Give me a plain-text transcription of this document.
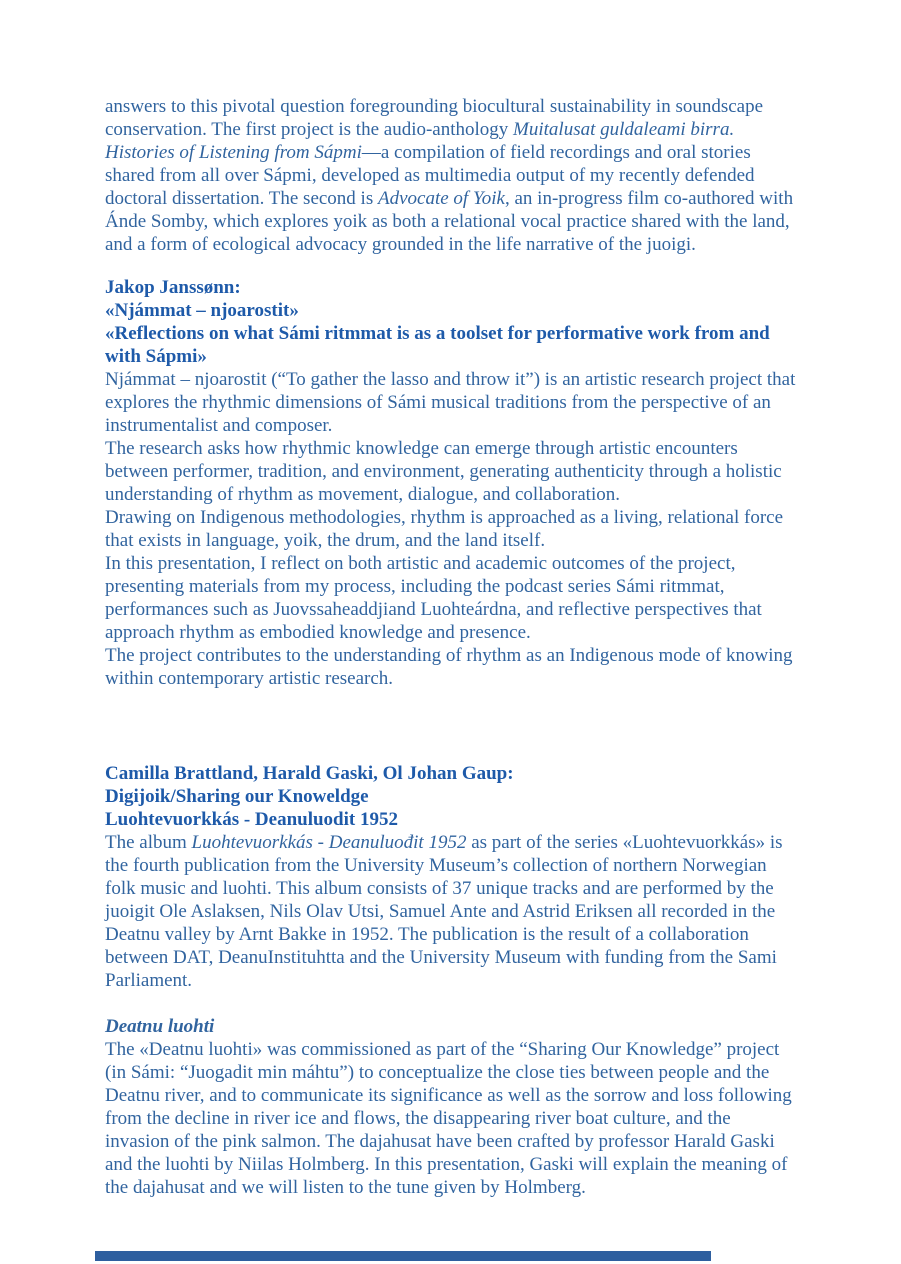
answers to this pivotal question foregrounding biocultural sustainability in soundscape conservation. The first project is the audio-anthology Muitalusat guldaleami birra. Histories of Listening from Sápmi—a compilation of field recordings and oral stories shared from all over Sápmi, developed as multimedia output of my recently defended doctoral dissertation. The second is Advocate of Yoik, an in-progress film co-authored with Ánde Somby, which explores yoik as both a relational vocal practice shared with the land, and a form of ecological advocacy grounded in the life narrative of the juoigi.

Jakop Janssønn:

«Njámmat – njoarostit»

«Reflections on what Sámi ritmmat is as a toolset for performative work from and with Sápmi»

Njámmat – njoarostit (“To gather the lasso and throw it”) is an artistic research project that explores the rhythmic dimensions of Sámi musical traditions from the perspective of an instrumentalist and composer.

The research asks how rhythmic knowledge can emerge through artistic encounters between performer, tradition, and environment, generating authenticity through a holistic understanding of rhythm as movement, dialogue, and collaboration.

Drawing on Indigenous methodologies, rhythm is approached as a living, relational force that exists in language, yoik, the drum, and the land itself.

In this presentation, I reflect on both artistic and academic outcomes of the project, presenting materials from my process, including the podcast series Sámi ritmmat, performances such as Juovssaheaddjiand Luohteárdna, and reflective perspectives that approach rhythm as embodied knowledge and presence.

The project contributes to the understanding of rhythm as an Indigenous mode of knowing within contemporary artistic research.

Camilla Brattland, Harald Gaski, Ol Johan Gaup:

Digijoik/Sharing our Knoweldge

Luohtevuorkkás - Deanuluodit 1952

The album Luohtevuorkkás - Deanuluođit 1952 as part of the series «Luohtevuorkkás» is the fourth publication from the University Museum’s collection of northern Norwegian folk music and luohti. This album consists of 37 unique tracks and are performed by the juoigit Ole Aslaksen, Nils Olav Utsi, Samuel Ante and Astrid Eriksen all recorded in the Deatnu valley by Arnt Bakke in 1952. The publication is the result of a collaboration between DAT, DeanuInstituhtta and the University Museum with funding from the Sami Parliament.

Deatnu luohti

The «Deatnu luohti» was commissioned as part of the “Sharing Our Knowledge” project (in Sámi: “Juogadit min máhtu”) to conceptualize the close ties between people and the Deatnu river, and to communicate its significance as well as the sorrow and loss following from the decline in river ice and flows, the disappearing river boat culture, and the invasion of the pink salmon. The dajahusat have been crafted by professor Harald Gaski and the luohti by Niilas Holmberg. In this presentation, Gaski will explain the meaning of the dajahusat and we will listen to the tune given by Holmberg.
